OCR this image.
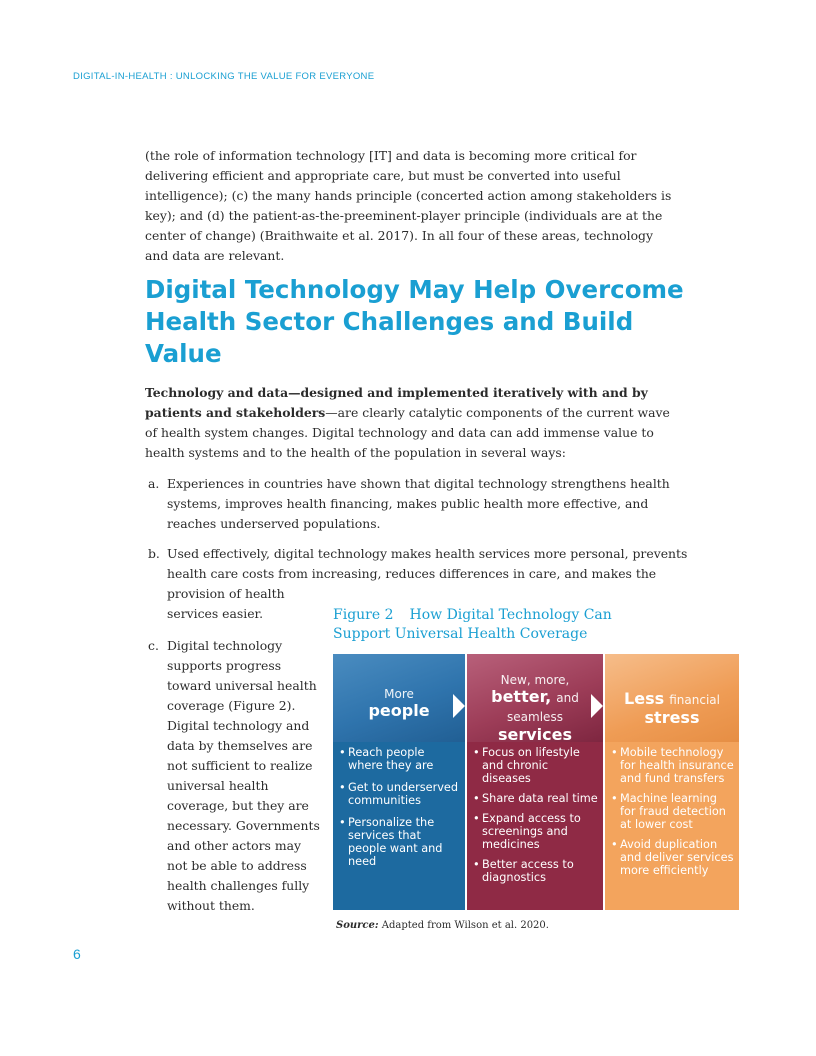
DIGITAL-IN-HEALTH : UNLOCKING THE VALUE FOR EVERYONE

(the role of information technology [IT] and data is becoming more critical for delivering efficient and appropriate care, but must be converted into useful intelligence); (c) the many hands principle (concerted action among stakeholders is key); and (d) the patient-as-the-preeminent-player principle (individuals are at the center of change) (Braithwaite et al. 2017). In all four of these areas, technology and data are relevant.

Digital Technology May Help Overcome Health Sector Challenges and Build Value

Technology and data—designed and implemented iteratively with and by patients and stakeholders—are clearly catalytic components of the current wave of health system changes. Digital technology and data can add immense value to health systems and to the health of the population in several ways:

a. Experiences in countries have shown that digital technology strengthens health systems, improves health financing, makes public health more effective, and reaches underserved populations.
b. Used effectively, digital technology makes health services more personal, prevents health care costs from increasing, reduces differences in care, and makes the provision of health services easier.
c. Digital technology supports progress toward universal health coverage (Figure 2). Digital technology and data by themselves are not sufficient to realize universal health coverage, but they are necessary. Governments and other actors may not be able to address health challenges fully without them.
Figure 2 How Digital Technology Can Support Universal Health Coverage
More
people
• Reach people where they are
• Get to underserved communities
• Personalize the services that people want and need
New, more,
better, and
seamless
services
• Focus on lifestyle and chronic diseases
• Share data real time
• Expand access to screenings and medicines
• Better access to diagnostics
Less financial
stress
• Mobile technology for health insurance and fund transfers
• Machine learning for fraud detection at lower cost
• Avoid duplication and deliver services more efficiently
Source: Adapted from Wilson et al. 2020.
6
